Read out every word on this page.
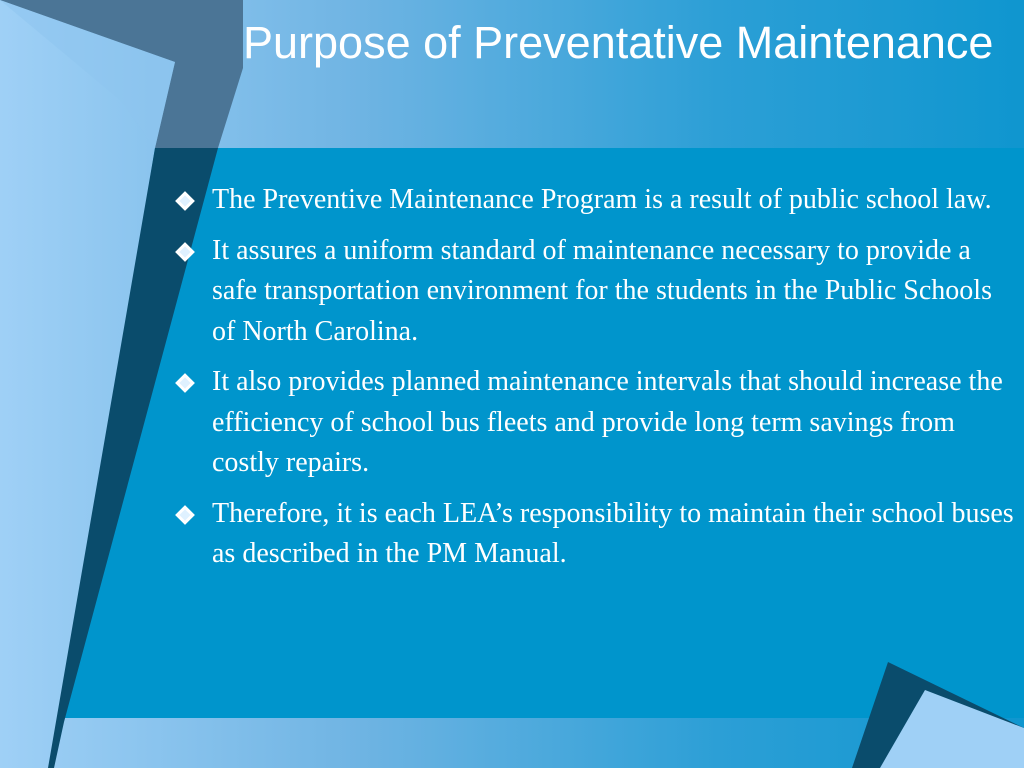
Purpose of Preventative Maintenance
The Preventive Maintenance Program is a result of public school law.
It assures a uniform standard of maintenance necessary to provide a safe transportation environment for the students in the Public Schools of North Carolina.
It also provides planned maintenance intervals that should increase the efficiency of school bus fleets and provide long term savings from costly repairs.
Therefore, it is each LEA’s responsibility to maintain their school buses as described in the PM Manual.
